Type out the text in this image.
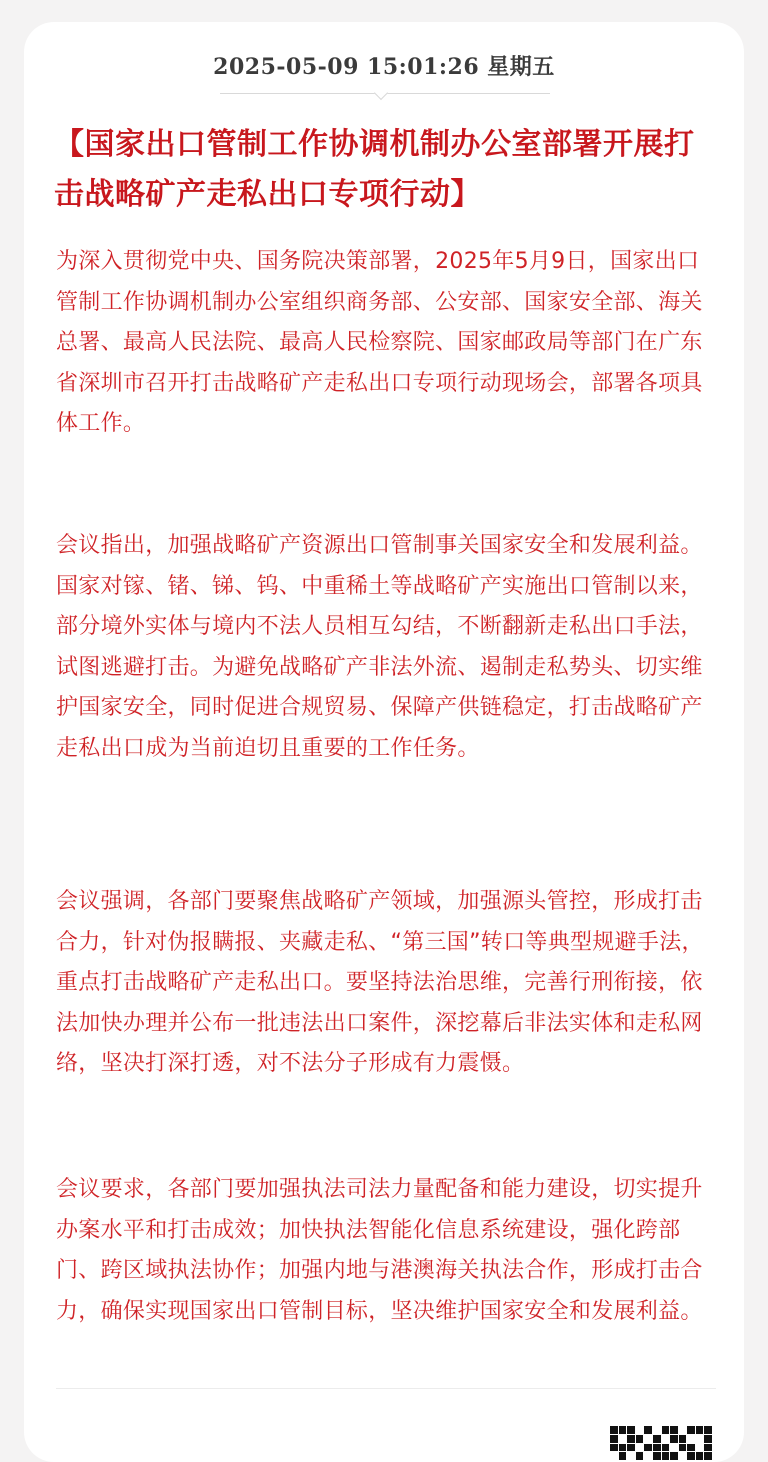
2025-05-09 15:01:26 星期五
【国家出口管制工作协调机制办公室部署开展打击战略矿产走私出口专项行动】

为深入贯彻党中央、国务院决策部署，2025年5月9日，国家出口管制工作协调机制办公室组织商务部、公安部、国家安全部、海关总署、最高人民法院、最高人民检察院、国家邮政局等部门在广东省深圳市召开打击战略矿产走私出口专项行动现场会，部署各项具体工作。

会议指出，加强战略矿产资源出口管制事关国家安全和发展利益。国家对镓、锗、锑、钨、中重稀土等战略矿产实施出口管制以来，部分境外实体与境内不法人员相互勾结，不断翻新走私出口手法，试图逃避打击。为避免战略矿产非法外流、遏制走私势头、切实维护国家安全，同时促进合规贸易、保障产供链稳定，打击战略矿产走私出口成为当前迫切且重要的工作任务。

会议强调，各部门要聚焦战略矿产领域，加强源头管控，形成打击合力，针对伪报瞒报、夹藏走私、“第三国”转口等典型规避手法，重点打击战略矿产走私出口。要坚持法治思维，完善行刑衔接，依法加快办理并公布一批违法出口案件，深挖幕后非法实体和走私网络，坚决打深打透，对不法分子形成有力震慑。

会议要求，各部门要加强执法司法力量配备和能力建设，切实提升办案水平和打击成效；加快执法智能化信息系统建设，强化跨部门、跨区域执法协作；加强内地与港澳海关执法合作，形成打击合力，确保实现国家出口管制目标，坚决维护国家安全和发展利益。
